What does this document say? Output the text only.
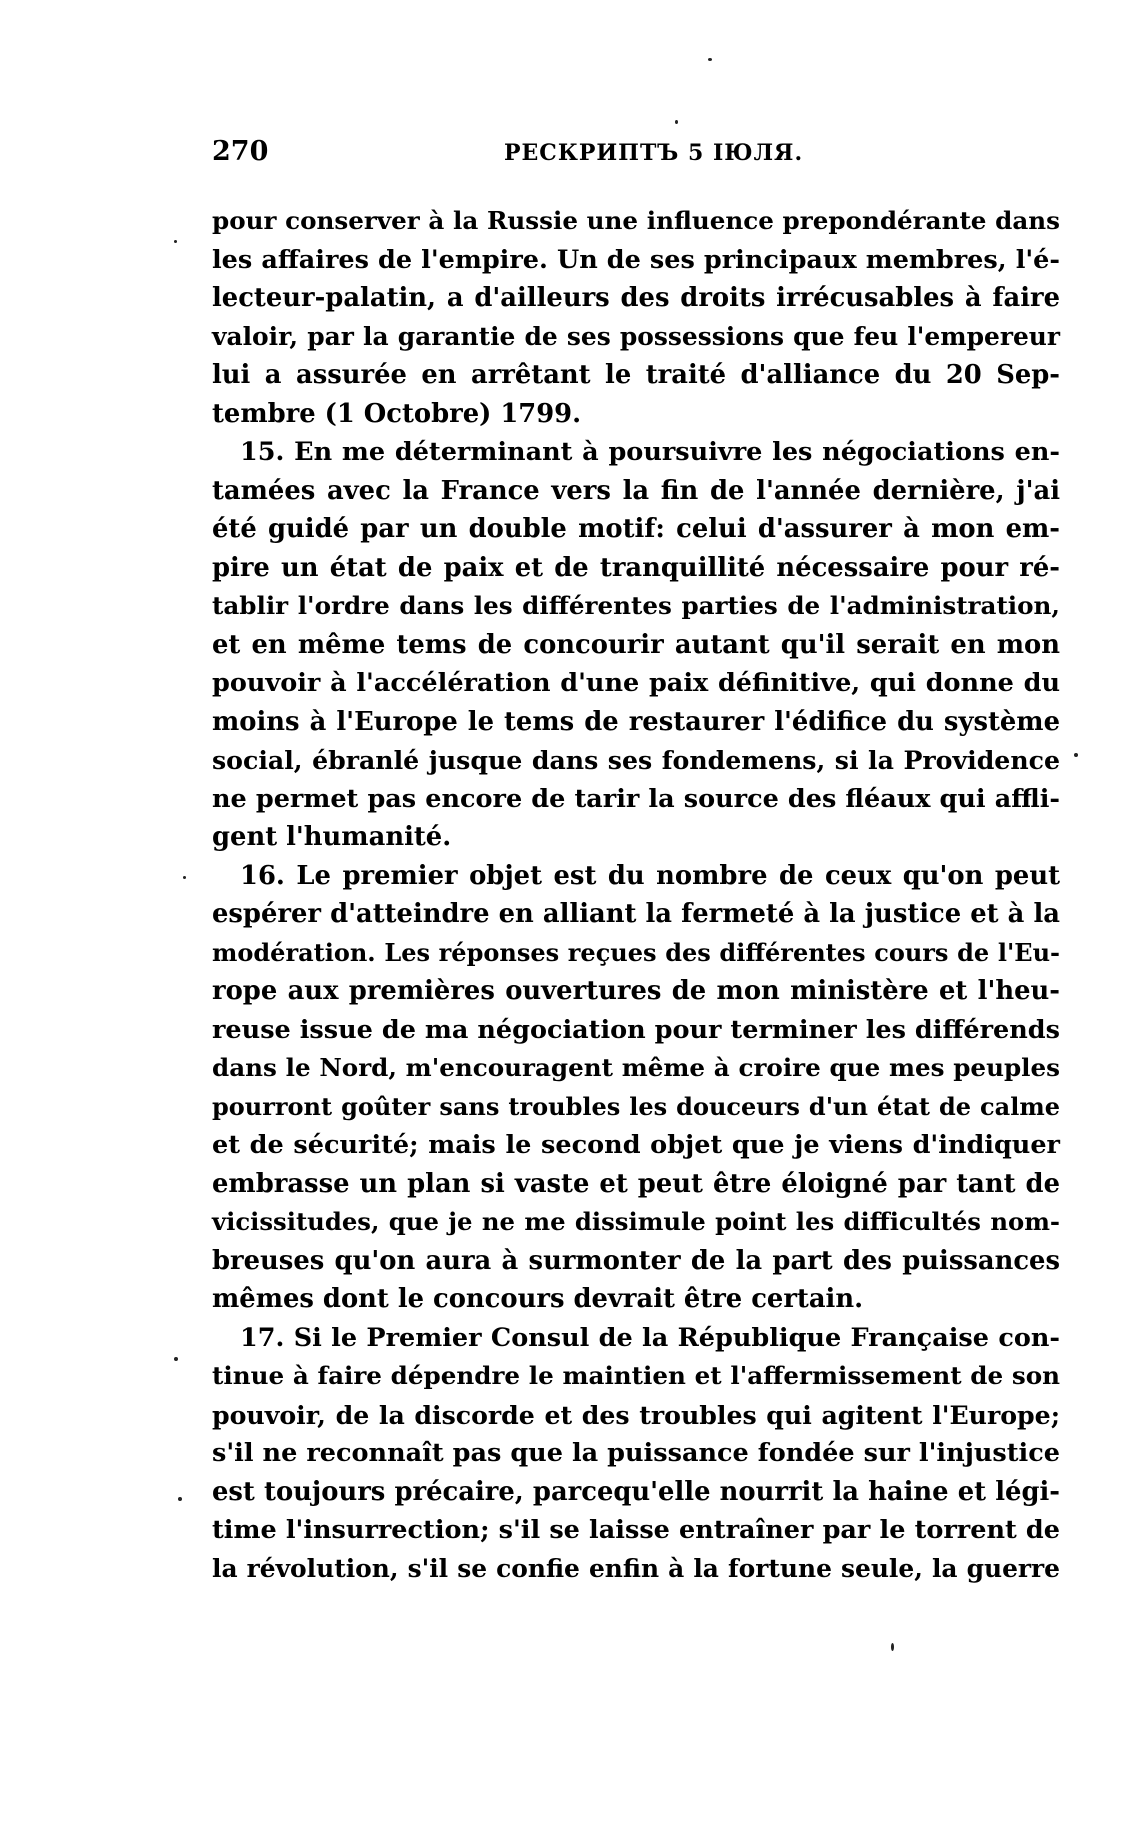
270	РЕСКРИПТЪ 5 ІЮЛЯ.
pour conserver à la Russie une influence prepondérante dans
les affaires de l'empire. Un de ses principaux membres, l'é-
lecteur-palatin, a d'ailleurs des droits irrécusables à faire
valoir, par la garantie de ses possessions que feu l'empereur
lui a assurée en arrêtant le traité d'alliance du 20 Sep-
tembre (1 Octobre) 1799.
15. En me déterminant à poursuivre les négociations en-
tamées avec la France vers la fin de l'année dernière, j'ai
été guidé par un double motif: celui d'assurer à mon em-
pire un état de paix et de tranquillité nécessaire pour ré-
tablir l'ordre dans les différentes parties de l'administration,
et en même tems de concourir autant qu'il serait en mon
pouvoir à l'accélération d'une paix définitive, qui donne du
moins à l'Europe le tems de restaurer l'édifice du système
social, ébranlé jusque dans ses fondemens, si la Providence
ne permet pas encore de tarir la source des fléaux qui affli-
gent l'humanité.
16. Le premier objet est du nombre de ceux qu'on peut
espérer d'atteindre en alliant la fermeté à la justice et à la
modération. Les réponses reçues des différentes cours de l'Eu-
rope aux premières ouvertures de mon ministère et l'heu-
reuse issue de ma négociation pour terminer les différends
dans le Nord, m'encouragent même à croire que mes peuples
pourront goûter sans troubles les douceurs d'un état de calme
et de sécurité; mais le second objet que je viens d'indiquer
embrasse un plan si vaste et peut être éloigné par tant de
vicissitudes, que je ne me dissimule point les difficultés nom-
breuses qu'on aura à surmonter de la part des puissances
mêmes dont le concours devrait être certain.
17. Si le Premier Consul de la République Française con-
tinue à faire dépendre le maintien et l'affermissement de son
pouvoir, de la discorde et des troubles qui agitent l'Europe;
s'il ne reconnaît pas que la puissance fondée sur l'injustice
est toujours précaire, parcequ'elle nourrit la haine et légi-
time l'insurrection; s'il se laisse entraîner par le torrent de
la révolution, s'il se confie enfin à la fortune seule, la guerre
